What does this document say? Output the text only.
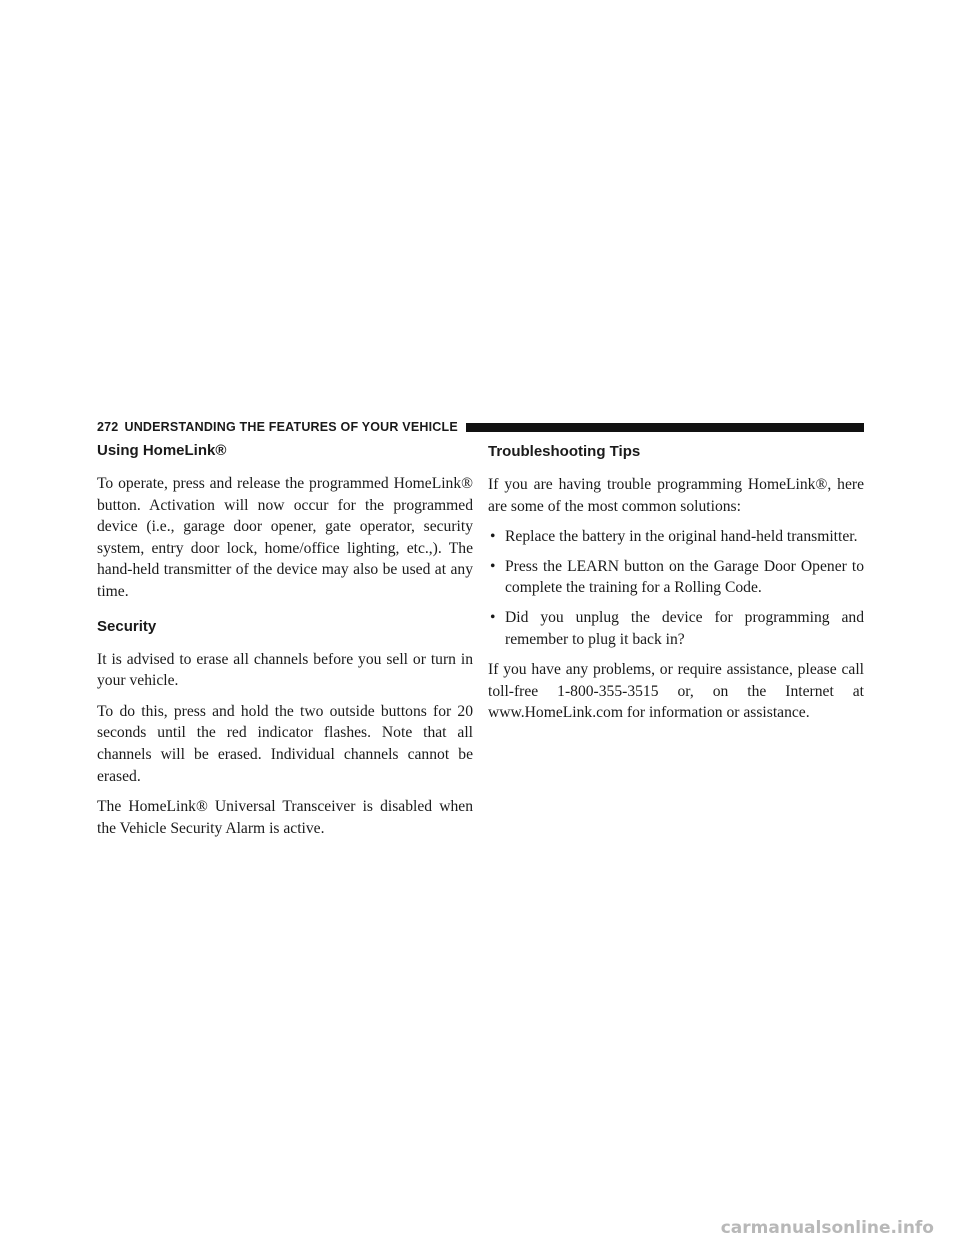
272 UNDERSTANDING THE FEATURES OF YOUR VEHICLE
Using HomeLink®

To operate, press and release the programmed HomeLink® button. Activation will now occur for the programmed device (i.e., garage door opener, gate operator, security system, entry door lock, home/office lighting, etc.,). The hand-held transmitter of the device may also be used at any time.

Security

It is advised to erase all channels before you sell or turn in your vehicle.

To do this, press and hold the two outside buttons for 20 seconds until the red indicator flashes. Note that all channels will be erased. Individual channels cannot be erased.

The HomeLink® Universal Transceiver is disabled when the Vehicle Security Alarm is active.

Troubleshooting Tips

If you are having trouble programming HomeLink®, here are some of the most common solutions:

• Replace the battery in the original hand-held transmitter.

• Press the LEARN button on the Garage Door Opener to complete the training for a Rolling Code.

• Did you unplug the device for programming and remember to plug it back in?

If you have any problems, or require assistance, please call toll-free 1-800-355-3515 or, on the Internet at www.HomeLink.com for information or assistance.

carmanualsonline.info
